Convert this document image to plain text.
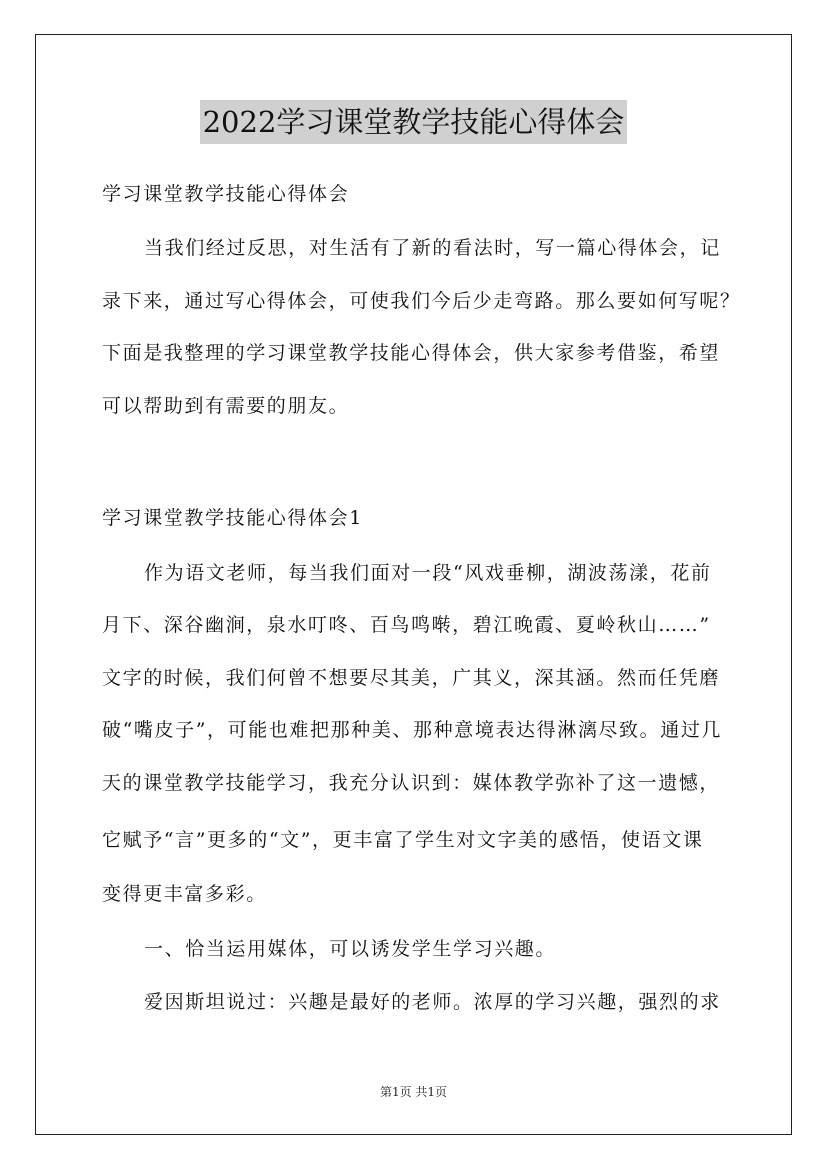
2022学习课堂教学技能心得体会

学习课堂教学技能心得体会

当我们经过反思，对生活有了新的看法时，写一篇心得体会，记

录下来，通过写心得体会，可使我们今后少走弯路。那么要如何写呢？

下面是我整理的学习课堂教学技能心得体会，供大家参考借鉴，希望

可以帮助到有需要的朋友。

学习课堂教学技能心得体会1

作为语文老师，每当我们面对一段“风戏垂柳，湖波荡漾，花前

月下、深谷幽涧，泉水叮咚、百鸟鸣啭，碧江晚霞、夏岭秋山……”

文字的时候，我们何曾不想要尽其美，广其义，深其涵。然而任凭磨

破“嘴皮子”，可能也难把那种美、那种意境表达得淋漓尽致。通过几

天的课堂教学技能学习，我充分认识到：媒体教学弥补了这一遗憾，

它赋予“言”更多的“文”，更丰富了学生对文字美的感悟，使语文课

变得更丰富多彩。

一、恰当运用媒体，可以诱发学生学习兴趣。

爱因斯坦说过：兴趣是最好的老师。浓厚的学习兴趣，强烈的求

第1页 共1页
